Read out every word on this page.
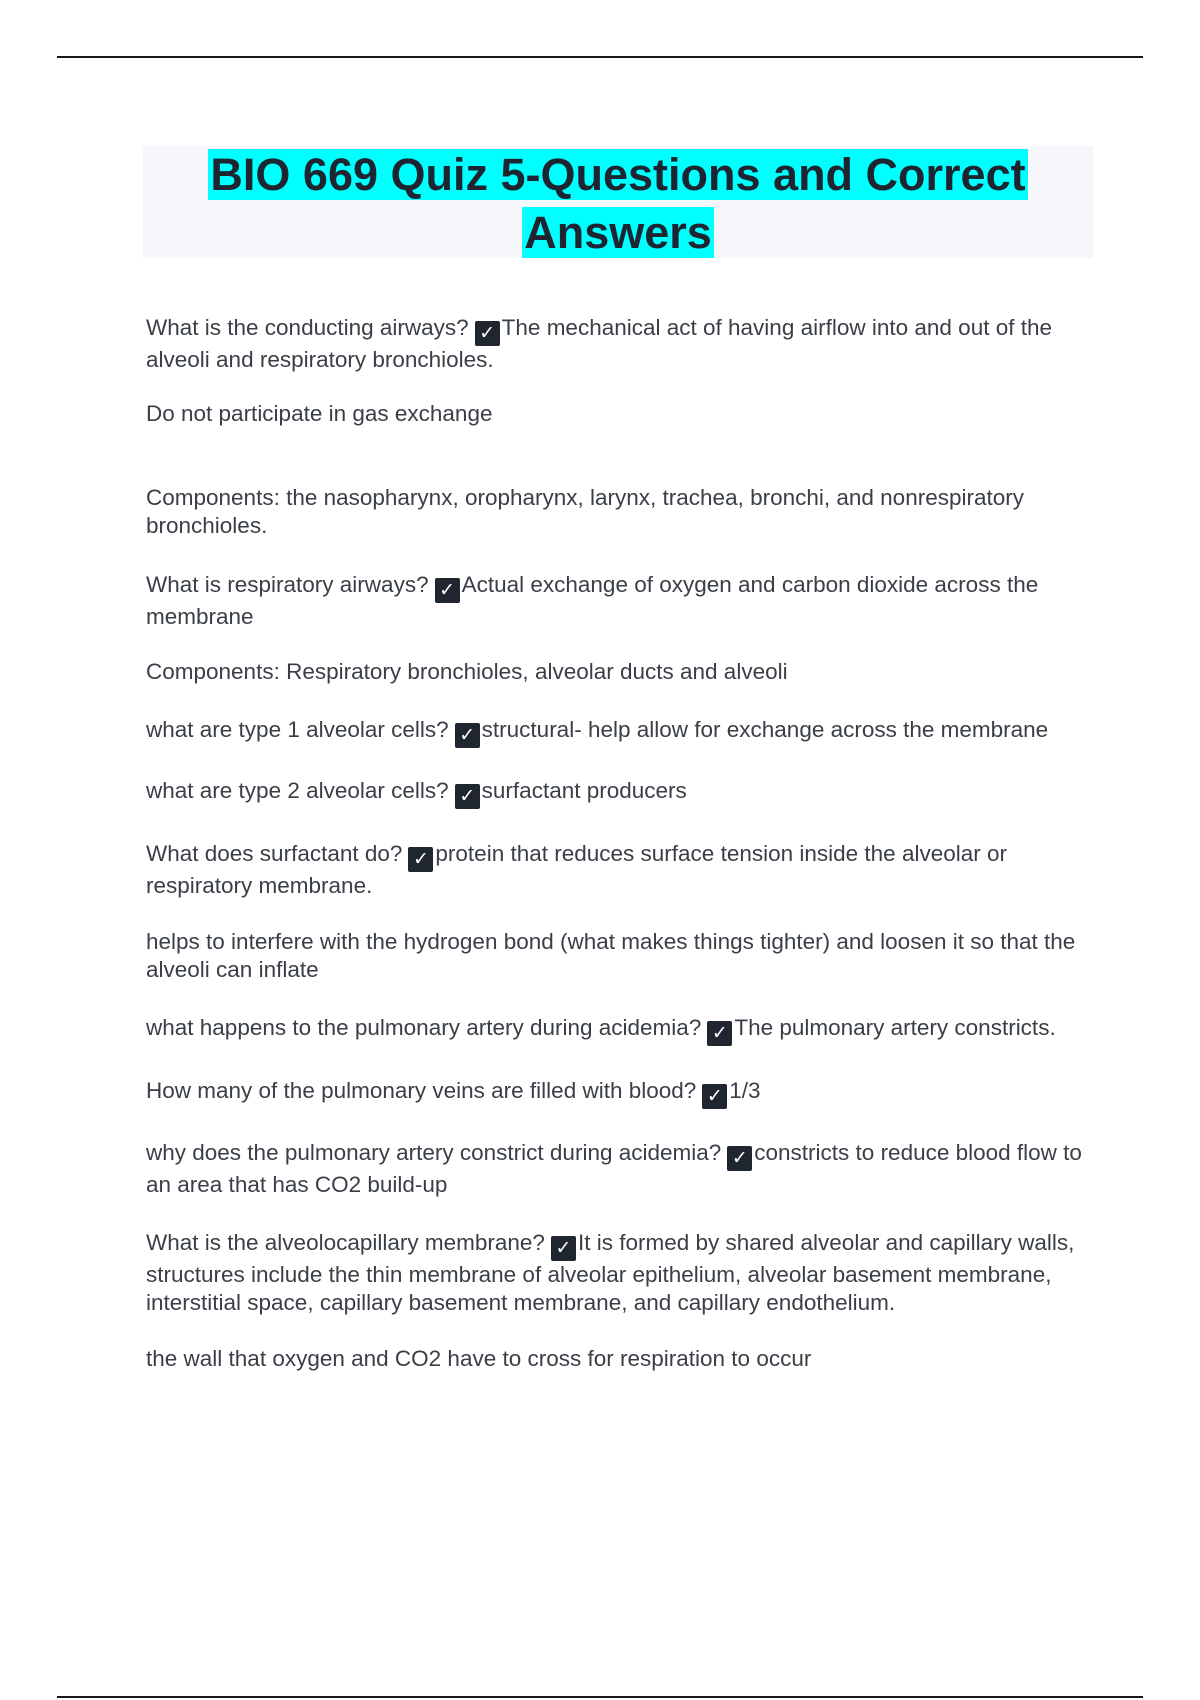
BIO 669 Quiz 5-Questions and Correct Answers

What is the conducting airways? ✓ The mechanical act of having airflow into and out of the alveoli and respiratory bronchioles.

Do not participate in gas exchange

Components: the nasopharynx, oropharynx, larynx, trachea, bronchi, and nonrespiratory bronchioles.

What is respiratory airways? ✓ Actual exchange of oxygen and carbon dioxide across the membrane

Components: Respiratory bronchioles, alveolar ducts and alveoli

what are type 1 alveolar cells? ✓ structural- help allow for exchange across the membrane

what are type 2 alveolar cells? ✓ surfactant producers

What does surfactant do? ✓ protein that reduces surface tension inside the alveolar or respiratory membrane.

helps to interfere with the hydrogen bond (what makes things tighter) and loosen it so that the alveoli can inflate

what happens to the pulmonary artery during acidemia? ✓ The pulmonary artery constricts.

How many of the pulmonary veins are filled with blood? ✓ 1/3

why does the pulmonary artery constrict during acidemia? ✓ constricts to reduce blood flow to an area that has CO2 build-up

What is the alveolocapillary membrane? ✓ It is formed by shared alveolar and capillary walls, structures include the thin membrane of alveolar epithelium, alveolar basement membrane, interstitial space, capillary basement membrane, and capillary endothelium.

the wall that oxygen and CO2 have to cross for respiration to occur
